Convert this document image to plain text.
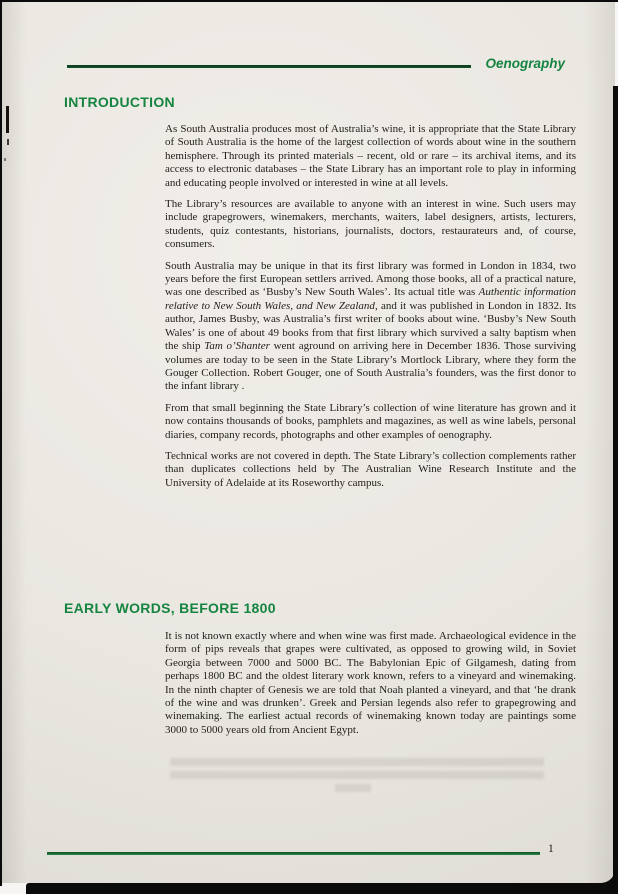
Oenography
INTRODUCTION

As South Australia produces most of Australia’s wine, it is appropriate that the State Library of South Australia is the home of the largest collection of words about wine in the southern hemisphere. Through its printed materials – recent, old or rare – its archival items, and its access to electronic databases – the State Library has an important role to play in informing and educating people involved or interested in wine at all levels.

The Library’s resources are available to anyone with an interest in wine. Such users may include grapegrowers, winemakers, merchants, waiters, label designers, artists, lecturers, students, quiz contestants, historians, journalists, doctors, restaurateurs and, of course, consumers.

South Australia may be unique in that its first library was formed in London in 1834, two years before the first European settlers arrived. Among those books, all of a practical nature, was one described as ‘Busby’s New South Wales’. Its actual title was Authentic information relative to New South Wales, and New Zealand, and it was published in London in 1832. Its author, James Busby, was Australia’s first writer of books about wine. ‘Busby’s New South Wales’ is one of about 49 books from that first library which survived a salty baptism when the ship Tam o’Shanter went aground on arriving here in December 1836. Those surviving volumes are today to be seen in the State Library’s Mortlock Library, where they form the Gouger Collection. Robert Gouger, one of South Australia’s founders, was the first donor to the infant library .

From that small beginning the State Library’s collection of wine literature has grown and it now contains thousands of books, pamphlets and magazines, as well as wine labels, personal diaries, company records, photographs and other examples of oenography.

Technical works are not covered in depth. The State Library’s collection complements rather than duplicates collections held by The Australian Wine Research Institute and the University of Adelaide at its Roseworthy campus.

EARLY WORDS, BEFORE 1800

It is not known exactly where and when wine was first made. Archaeological evidence in the form of pips reveals that grapes were cultivated, as opposed to growing wild, in Soviet Georgia between 7000 and 5000 BC. The Babylonian Epic of Gilgamesh, dating from perhaps 1800 BC and the oldest literary work known, refers to a vineyard and winemaking. In the ninth chapter of Genesis we are told that Noah planted a vineyard, and that ‘he drank of the wine and was drunken’. Greek and Persian legends also refer to grapegrowing and winemaking. The earliest actual records of winemaking known today are paintings some 3000 to 5000 years old from Ancient Egypt.

1
